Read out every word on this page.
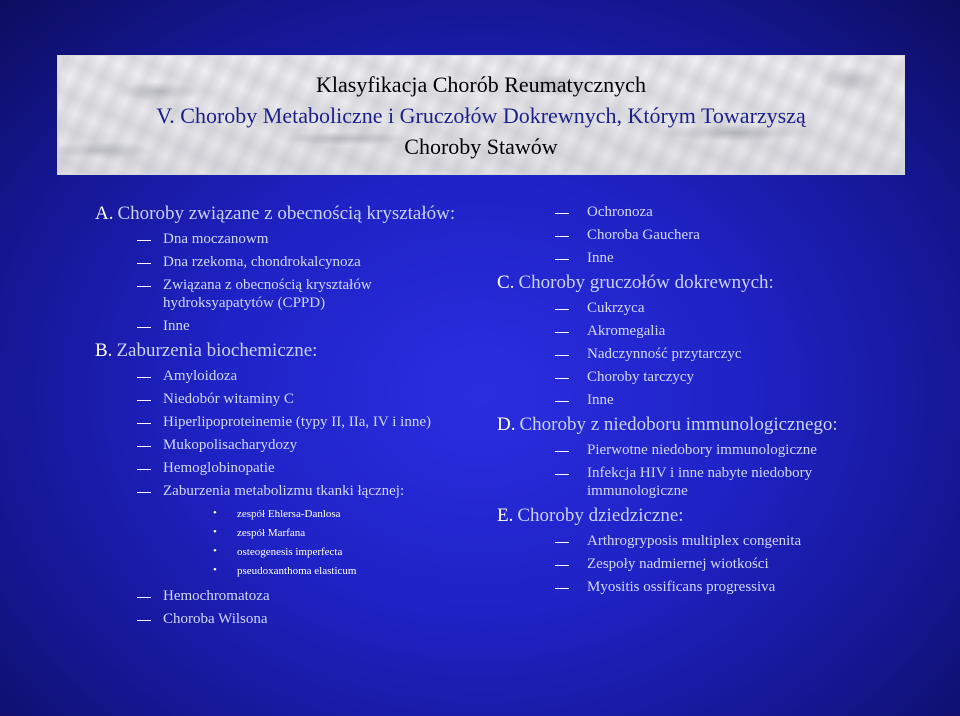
Klasyfikacja Chorób Reumatycznych
V. Choroby Metaboliczne i Gruczołów Dokrewnych, Którym Towarzyszą
Choroby Stawów
A. Choroby związane z obecnością kryształów:
Dna moczanowm
Dna rzekoma, chondrokalcynoza
Związana z obecnością kryształów
hydroksyapatytów (CPPD)
Inne
B. Zaburzenia biochemiczne:
Amyloidoza
Niedobór witaminy C
Hiperlipoproteinemie (typy II, IIa, IV i inne)
Mukopolisacharydozy
Hemoglobinopatie
Zaburzenia metabolizmu tkanki łącznej:
• zespół Ehlersa-Danlosa
• zespół Marfana
• osteogenesis imperfecta
• pseudoxanthoma elasticum
Hemochromatoza
Choroba Wilsona
Ochronoza
Choroba Gauchera
Inne
C. Choroby gruczołów dokrewnych:
Cukrzyca
Akromegalia
Nadczynność przytarczyc
Choroby tarczycy
Inne
D. Choroby z niedoboru immunologicznego:
Pierwotne niedobory immunologiczne
Infekcja HIV i inne nabyte niedobory
immunologiczne
E. Choroby dziedziczne:
Arthrogryposis multiplex congenita
Zespoły nadmiernej wiotkości
Myositis ossificans progressiva
